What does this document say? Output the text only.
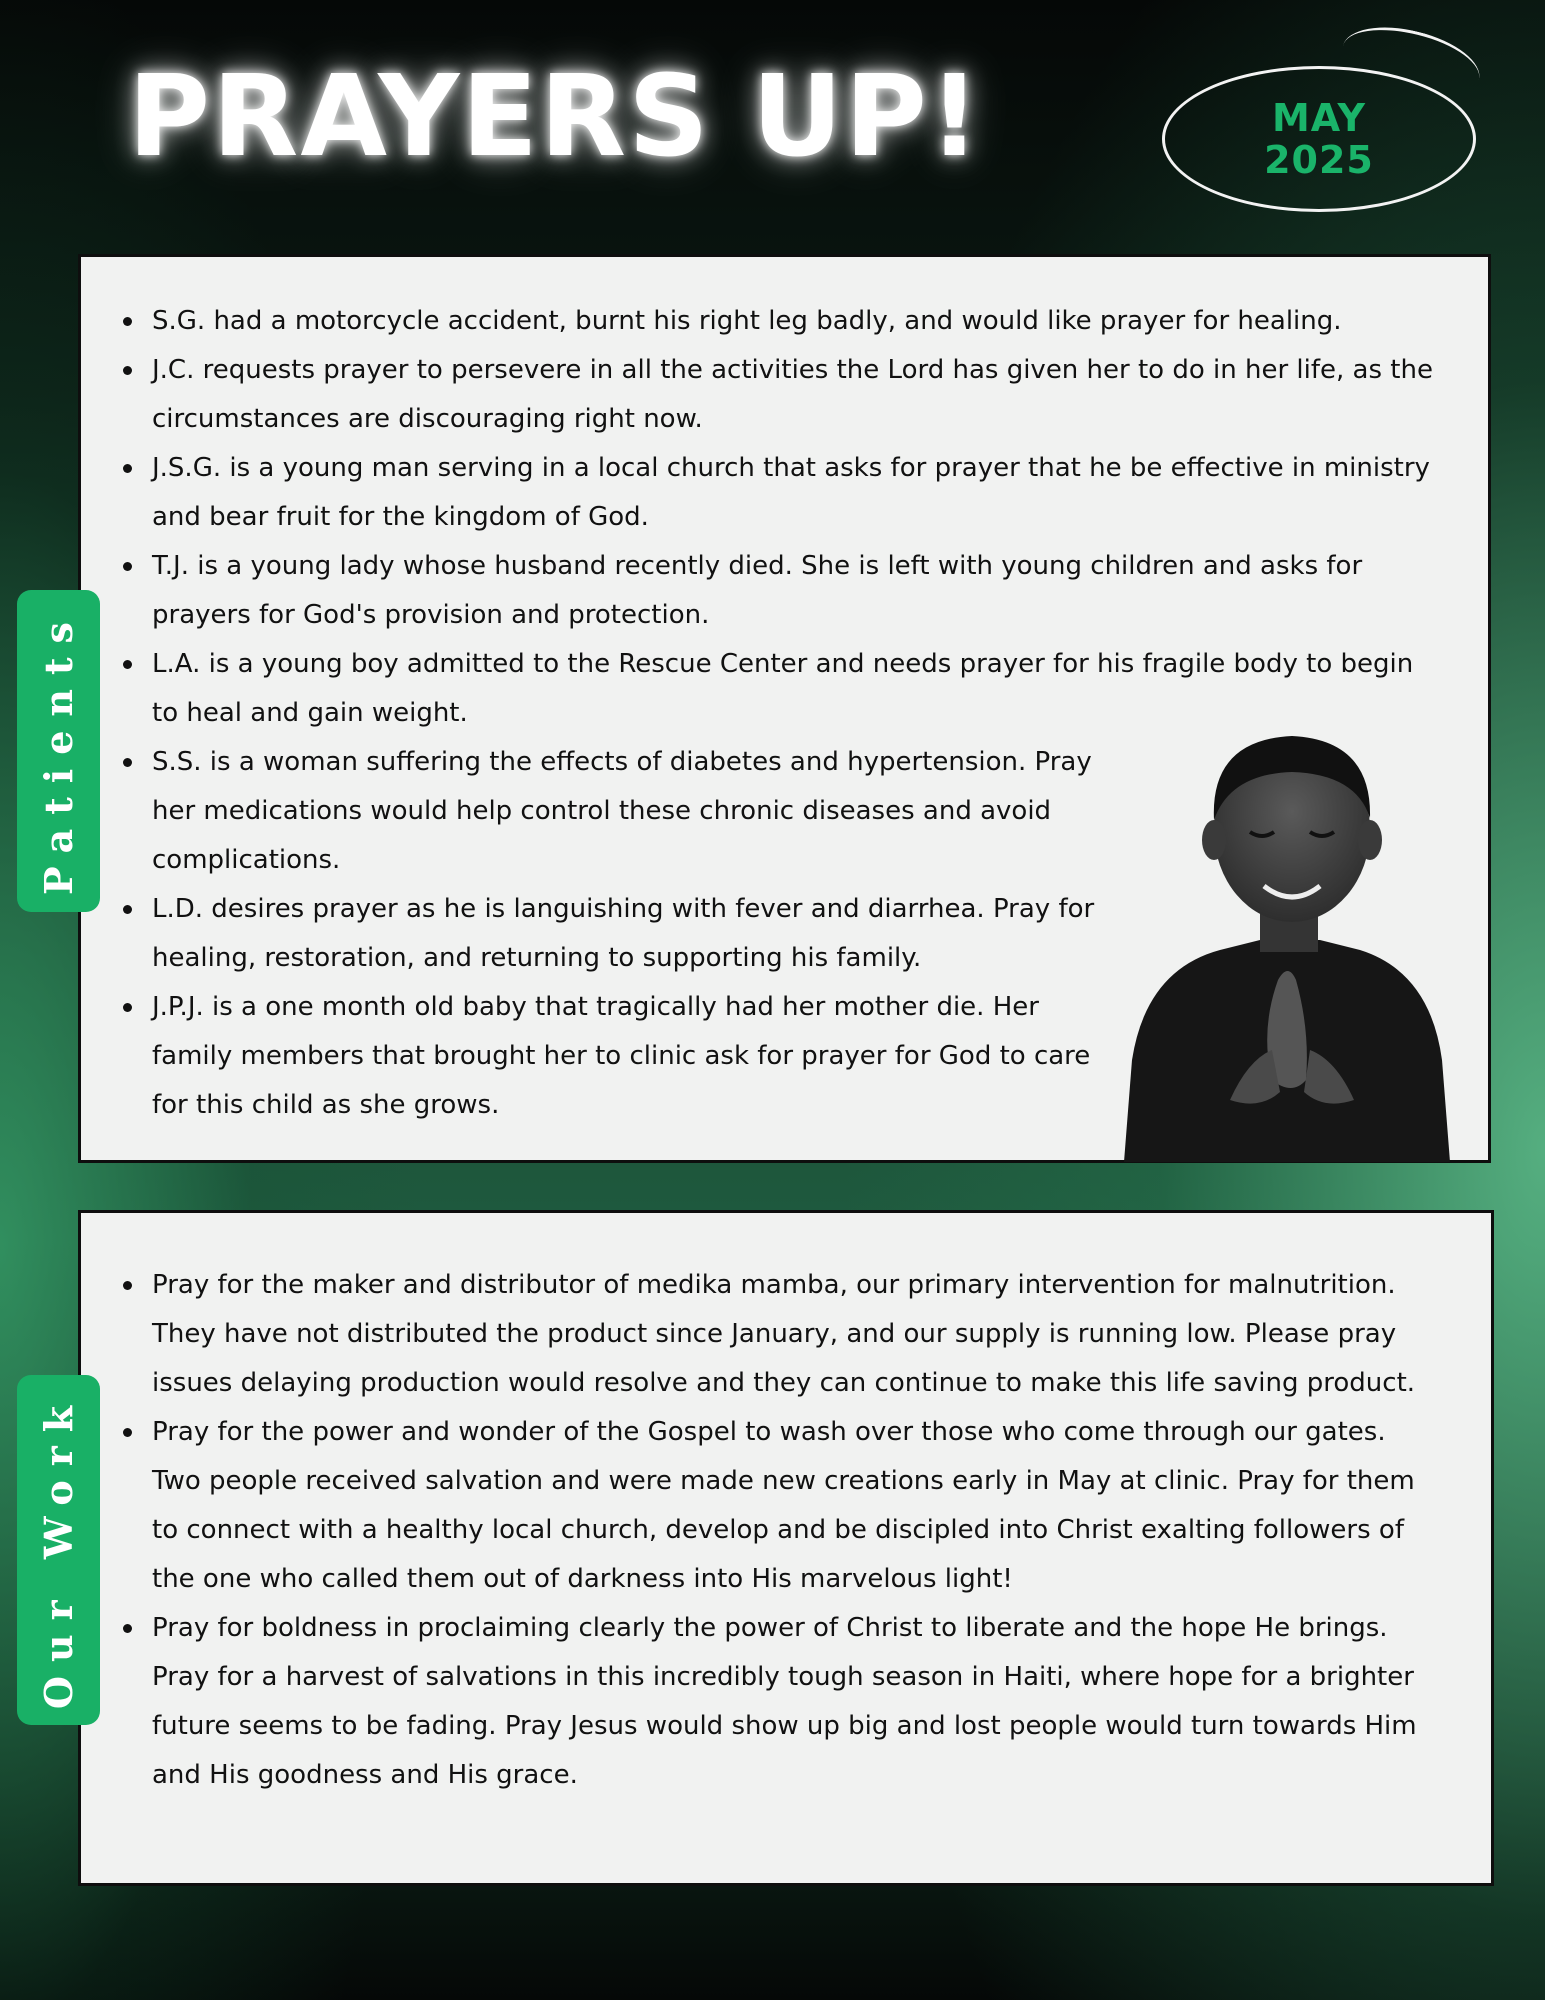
PRAYERS UP!	MAY
2025
S.G. had a motorcycle accident, burnt his right leg badly, and would like prayer for healing.
J.C. requests prayer to persevere in all the activities the Lord has given her to do in her life, as the circumstances are discouraging right now.
J.S.G. is a young man serving in a local church that asks for prayer that he be effective in ministry and bear fruit for the kingdom of God.
T.J. is a young lady whose husband recently died. She is left with young children and asks for prayers for God's provision and protection.
L.A. is a young boy admitted to the Rescue Center and needs prayer for his fragile body to begin to heal and gain weight.
S.S. is a woman suffering the effects of diabetes and hypertension. Pray her medications would help control these chronic diseases and avoid complications.
L.D. desires prayer as he is languishing with fever and diarrhea. Pray for healing, restoration, and returning to supporting his family.
J.P.J. is a one month old baby that tragically had her mother die. Her family members that brought her to clinic ask for prayer for God to care for this child as she grows.
Patients
Pray for the maker and distributor of medika mamba, our primary intervention for malnutrition. They have not distributed the product since January, and our supply is running low. Please pray issues delaying production would resolve and they can continue to make this life saving product.
Pray for the power and wonder of the Gospel to wash over those who come through our gates. Two people received salvation and were made new creations early in May at clinic. Pray for them to connect with a healthy local church, develop and be discipled into Christ exalting followers of the one who called them out of darkness into His marvelous light!
Pray for boldness in proclaiming clearly the power of Christ to liberate and the hope He brings. Pray for a harvest of salvations in this incredibly tough season in Haiti, where hope for a brighter future seems to be fading. Pray Jesus would show up big and lost people would turn towards Him and His goodness and His grace.
Our Work
